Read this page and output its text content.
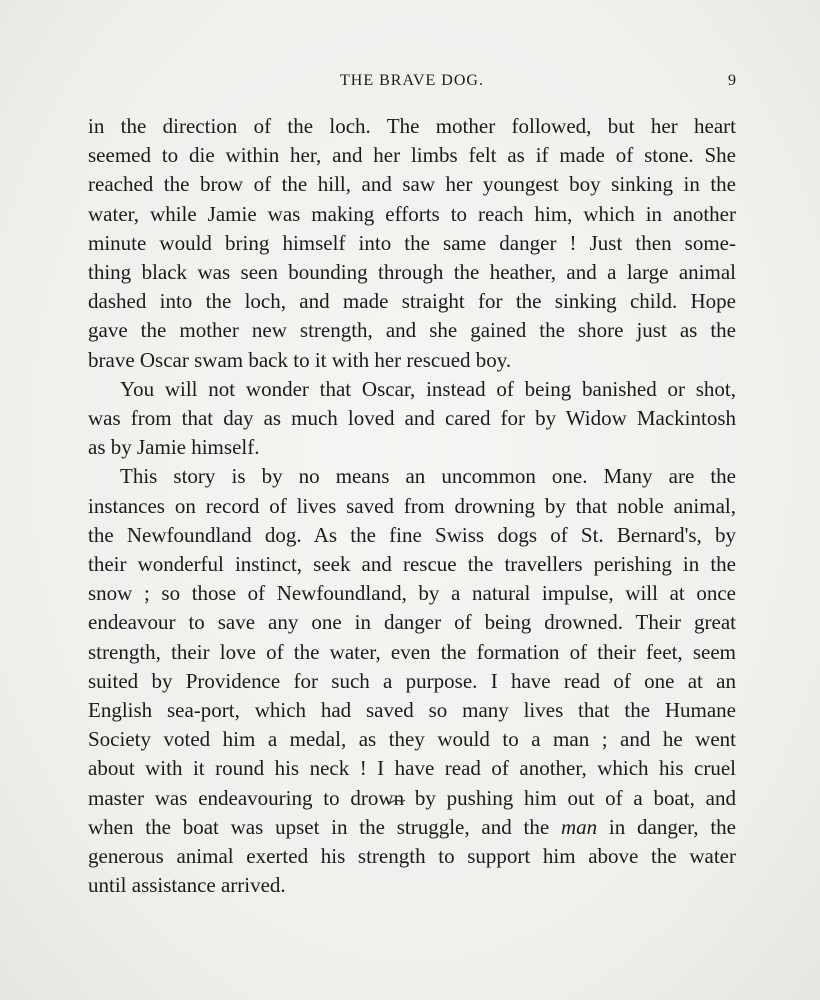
THE BRAVE DOG.	9

in the direction of the loch. The mother followed, but her heart
seemed to die within her, and her limbs felt as if made of stone. She
reached the brow of the hill, and saw her youngest boy sinking in the
water, while Jamie was making efforts to reach him, which in another
minute would bring himself into the same danger ! Just then some-
thing black was seen bounding through the heather, and a large animal
dashed into the loch, and made straight for the sinking child. Hope
gave the mother new strength, and she gained the shore just as the
brave Oscar swam back to it with her rescued boy.

You will not wonder that Oscar, instead of being banished or shot,
was from that day as much loved and cared for by Widow Mackintosh
as by Jamie himself.

This story is by no means an uncommon one. Many are the
instances on record of lives saved from drowning by that noble animal,
the Newfoundland dog. As the fine Swiss dogs of St. Bernard's, by
their wonderful instinct, seek and rescue the travellers perishing in the
snow ; so those of Newfoundland, by a natural impulse, will at once
endeavour to save any one in danger of being drowned. Their great
strength, their love of the water, even the formation of their feet, seem
suited by Providence for such a purpose. I have read of one at an
English sea-port, which had saved so many lives that the Humane
Society voted him a medal, as they would to a man ; and he went
about with it round his neck ! I have read of another, which his cruel
master was endeavouring to drown by pushing him out of a boat, and
when the boat was upset in the struggle, and the man in danger, the
generous animal exerted his strength to support him above the water
until assistance arrived.
